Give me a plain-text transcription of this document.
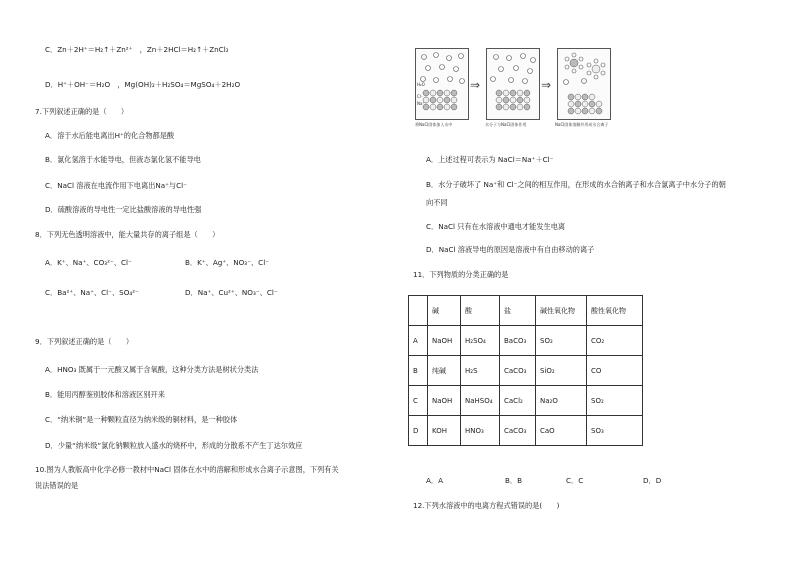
C．Zn＋2H⁺＝H₂↑＋Zn²⁺　，Zn＋2HCl＝H₂↑＋ZnCl₂
D．H⁺＋OH⁻＝H₂O　，Mg(OH)₂＋H₂SO₄＝MgSO₄＋2H₂O
7.下列叙述正确的是（　　）
A．溶于水后能电离出H⁺的化合物都是酸
B．氯化氢溶于水能导电，但液态氯化氢不能导电
C．NaCl 溶液在电流作用下电离出Na⁺与Cl⁻
D．硫酸溶液的导电性一定比盐酸溶液的导电性强
8．下列无色透明溶液中，能大量共存的离子组是（　　）
A．K⁺、Na⁺、CO₃²⁻、Cl⁻	B．K⁺、Ag⁺、NO₃⁻、Cl⁻
C．Ba²⁺、Na⁺、Cl⁻、SO₄²⁻	D．Na⁺、Cu²⁺、NO₃⁻、Cl⁻
9．下列叙述正确的是（　　）
A．HNO₃ 既属于一元酸又属于含氧酸，这种分类方法是树状分类法
B．能用丙醇鉴别胶体和溶液区别开来
C．“纳米铜”是一种颗粒直径为纳米级的铜材料，是一种胶体
D．少量“纳米级”氯化钠颗粒放入盛水的烧杯中，形成的分散系不产生丁达尔效应
10.图为人教版高中化学必修一教材中NaCl 固体在水中的溶解和形成水合离子示意图，下列有关
说法错误的是
H₂O
Cl⁻
Na⁺
⇒	⇒
将NaCl固体加入水中	水分子与NaCl固体作用	NaCl固体溶解并形成水合离子
A．上述过程可表示为 NaCl＝Na⁺＋Cl⁻
B．水分子破坏了 Na⁺和 Cl⁻之间的相互作用，在形成的水合钠离子和水合氯离子中水分子的朝
向不同
C．NaCl 只有在水溶液中通电才能发生电离
D．NaCl 溶液导电的原因是溶液中有自由移动的离子
11．下列物质的分类正确的是
	碱	酸	盐	碱性氧化物	酸性氧化物
A	NaOH	H₂SO₄	BaCO₃	SO₂	CO₂
B	纯碱	H₂S	CaCO₃	SiO₂	CO
C	NaOH	NaHSO₄	CaCl₂	Na₂O	SO₂
D	KOH	HNO₃	CaCO₃	CaO	SO₃
A．A	B．B	C．C	D．D
12.下列水溶液中的电离方程式错误的是(　　)
